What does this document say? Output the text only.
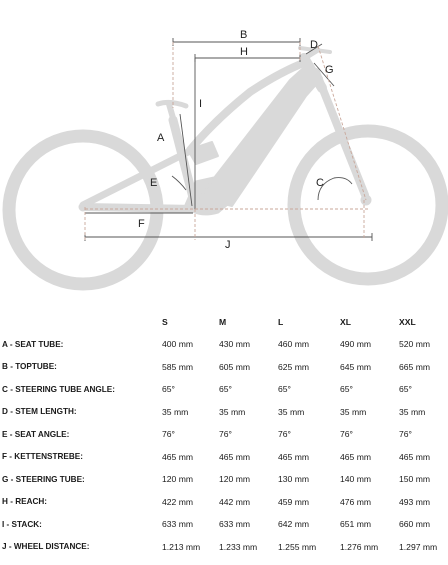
B
H
D
G
I
A
E	C
F
J
	S	M	L	XL	XXL
A - SEAT TUBE:	400 mm	430 mm	460 mm	490 mm	520 mm
B - TOPTUBE:	585 mm	605 mm	625 mm	645 mm	665 mm
C - STEERING TUBE ANGLE:	65°	65°	65°	65°	65°
D - STEM LENGTH:	35 mm	35 mm	35 mm	35 mm	35 mm
E - SEAT ANGLE:	76°	76°	76°	76°	76°
F - KETTENSTREBE:	465 mm	465 mm	465 mm	465 mm	465 mm
G - STEERING TUBE:	120 mm	120 mm	130 mm	140 mm	150 mm
H - REACH:	422 mm	442 mm	459 mm	476 mm	493 mm
I - STACK:	633 mm	633 mm	642 mm	651 mm	660 mm
J - WHEEL DISTANCE:	1.213 mm	1.233 mm	1.255 mm	1.276 mm	1.297 mm
